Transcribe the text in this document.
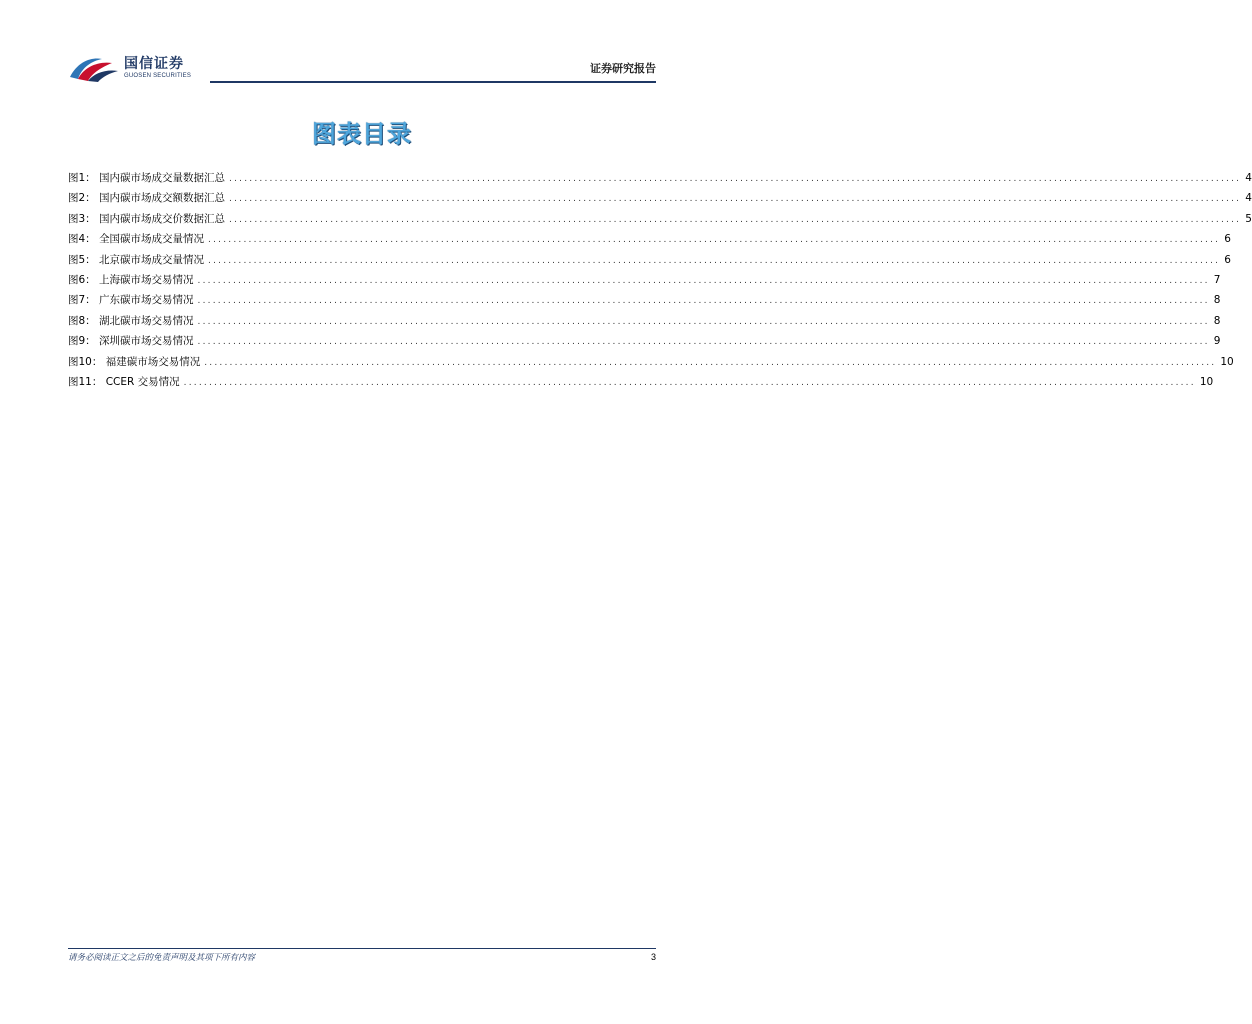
国信证券
GUOSEN SECURITIES
证券研究报告
图表目录
图1： 国内碳市场成交量数据汇总 ........................................................................................................................................................................................................ 4
图2： 国内碳市场成交额数据汇总 ........................................................................................................................................................................................................ 4
图3： 国内碳市场成交价数据汇总 ........................................................................................................................................................................................................ 5
图4： 全国碳市场成交量情况 ........................................................................................................................................................................................................ 6
图5： 北京碳市场成交量情况 ........................................................................................................................................................................................................ 6
图6： 上海碳市场交易情况 ........................................................................................................................................................................................................ 7
图7： 广东碳市场交易情况 ........................................................................................................................................................................................................ 8
图8： 湖北碳市场交易情况 ........................................................................................................................................................................................................ 8
图9： 深圳碳市场交易情况 ........................................................................................................................................................................................................ 9
图10： 福建碳市场交易情况 ........................................................................................................................................................................................................ 10
图11： CCER 交易情况 ........................................................................................................................................................................................................ 10
请务必阅读正文之后的免责声明及其项下所有内容	3
